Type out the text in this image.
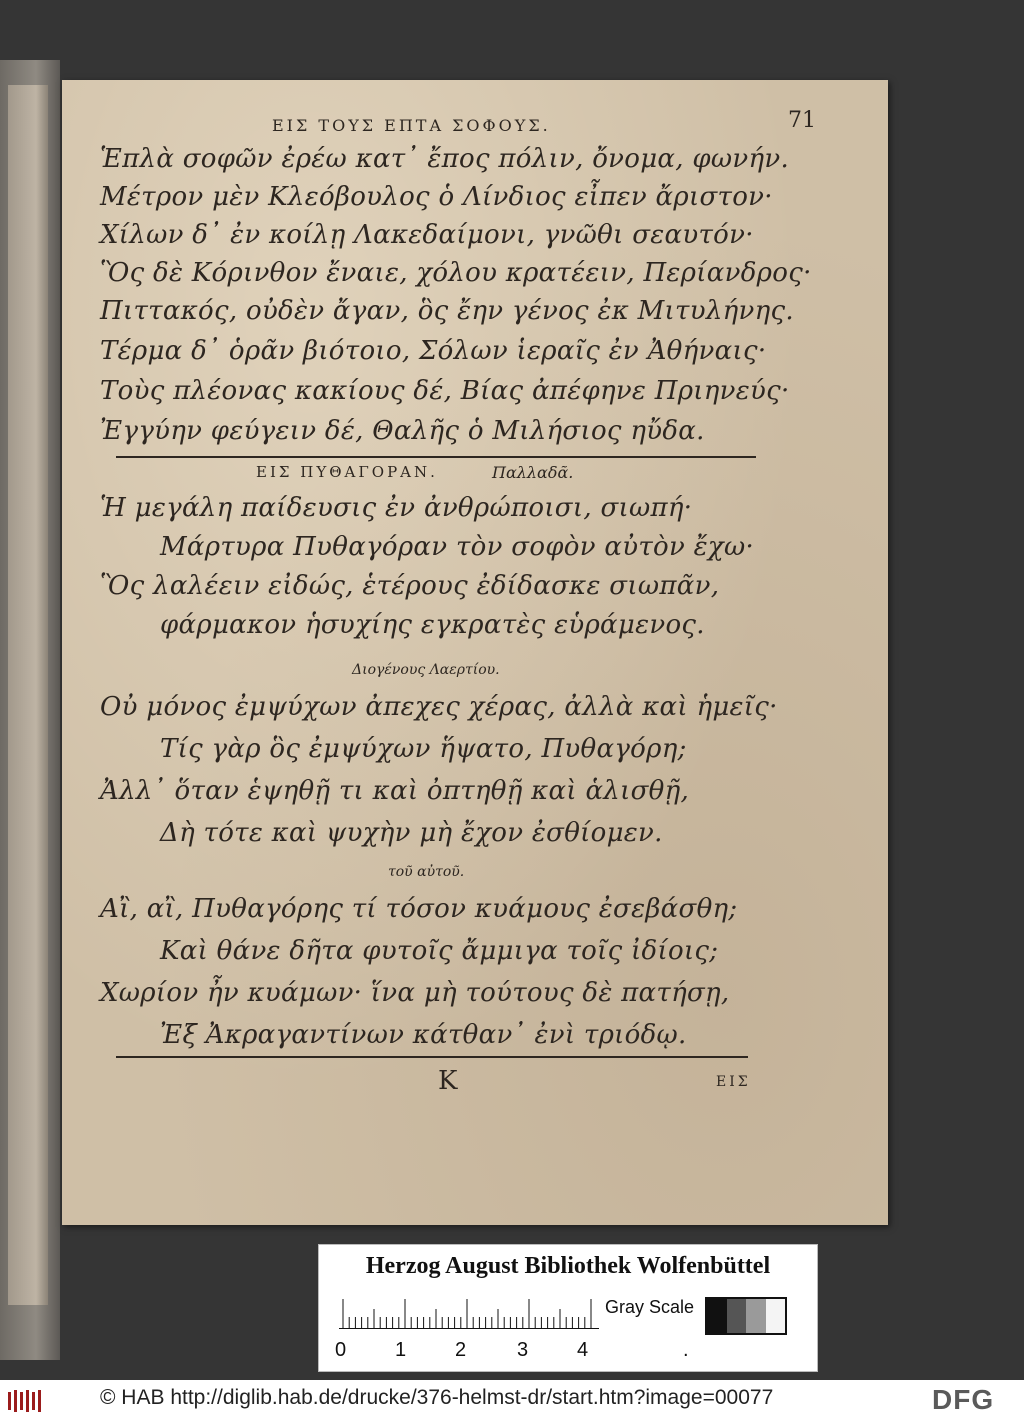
ΕΙΣ ΤΟΥΣ ΕΠΤΑ ΣΟΦΟΥΣ.	71
Ἑπλὰ σοφῶν ἐρέω κατ᾽ ἔπος πόλιν, ὄνομα, φωνήν.
Μέτρον μὲν Κλεόβουλος ὁ Λίνδιος εἶπεν ἄριστον·
Χίλων δ᾽ ἐν κοίλῃ Λακεδαίμονι, γνῶθι σεαυτόν·
Ὃς δὲ Κόρινθον ἔναιε, χόλου κρατέειν, Περίανδρος·
Πιττακός, οὐδὲν ἄγαν, ὃς ἔην γένος ἐκ Μιτυλήνης.
Τέρμα δ᾽ ὁρᾶν βιότοιο, Σόλων ἱεραῖς ἐν Ἀθήναις·
Τοὺς πλέονας κακίους δέ, Βίας ἀπέφηνε Πριηνεύς·
Ἐγγύην φεύγειν δέ, Θαλῆς ὁ Μιλήσιος ηὔδα.
ΕΙΣ ΠΥΘΑΓΟΡΑΝ.	Παλλαδᾶ.
Ἡ μεγάλη παίδευσις ἐν ἀνθρώποισι, σιωπή·
Μάρτυρα Πυθαγόραν τὸν σοφὸν αὐτὸν ἔχω·
Ὃς λαλέειν εἰδώς, ἑτέρους ἐδίδασκε σιωπᾶν,
φάρμακον ἡσυχίης εγκρατὲς εὑράμενος.
Διογένους Λαερτίου.
Οὐ μόνος ἐμψύχων ἀπεχες χέρας, ἀλλὰ καὶ ἡμεῖς·
Τίς γὰρ ὃς ἐμψύχων ἥψατο, Πυθαγόρη;
Ἀλλ᾽ ὅταν ἑψηθῇ τι καὶ ὀπτηθῇ καὶ ἁλισθῇ,
Δὴ τότε καὶ ψυχὴν μὴ ἔχον ἐσθίομεν.
τοῦ αὐτοῦ.
Αἲ, αἲ, Πυθαγόρης τί τόσον κυάμους ἐσεβάσθη;
Καὶ θάνε δῆτα φυτοῖς ἄμμιγα τοῖς ἰδίοις;
Χωρίον ἦν κυάμων· ἵνα μὴ τούτους δὲ πατήσῃ,
Ἐξ Ἀκραγαντίνων κάτθαν᾽ ἐνὶ τριόδῳ.
K	ΕΙΣ
Herzog August Bibliothek Wolfenbüttel
0 1 2	3 4	.
Gray Scale
© HAB http://diglib.hab.de/drucke/376-helmst-dr/start.htm?image=00077	DFG
